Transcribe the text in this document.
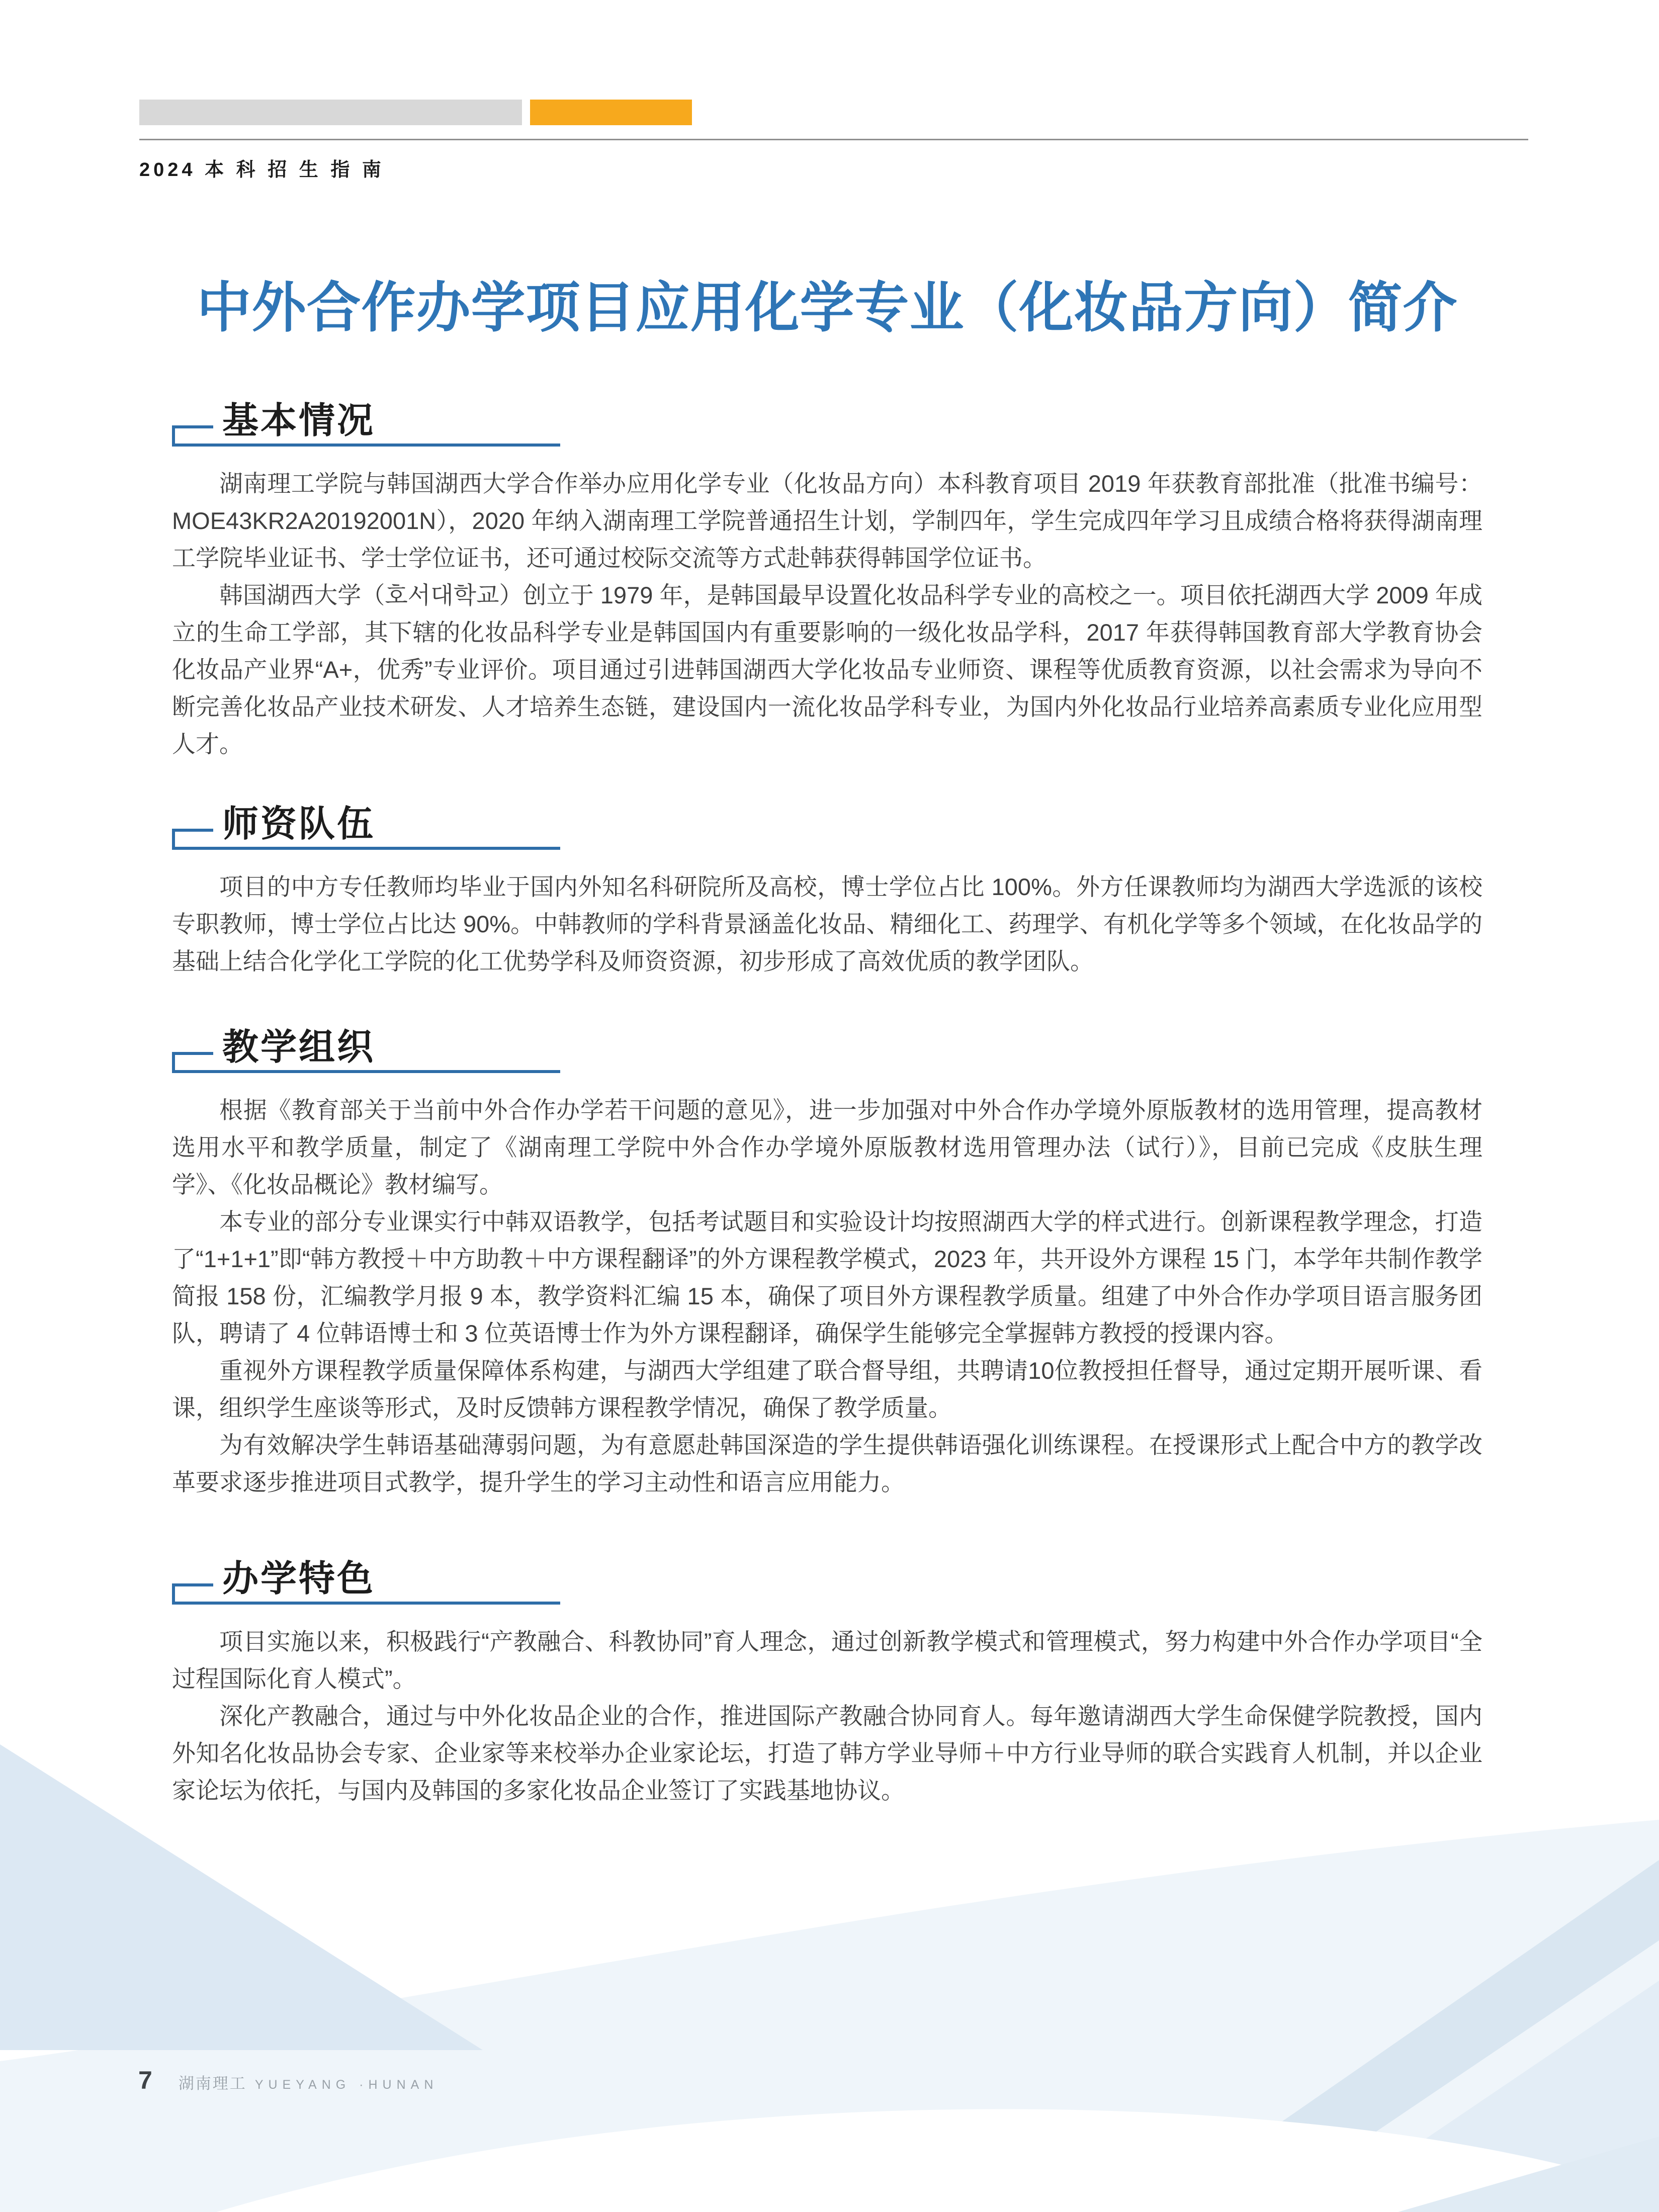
2024 本 科 招 生 指 南
中外合作办学项目应用化学专业（化妆品方向）简介
基本情况

湖南理工学院与韩国湖西大学合作举办应用化学专业（化妆品方向）本科教育项目 2019 年获教育部批准（批准书编号：MOE43KR2A20192001N），2020 年纳入湖南理工学院普通招生计划，学制四年，学生完成四年学习且成绩合格将获得湖南理工学院毕业证书、学士学位证书，还可通过校际交流等方式赴韩获得韩国学位证书。

韩国湖西大学（호서대학교）创立于 1979 年，是韩国最早设置化妆品科学专业的高校之一。项目依托湖西大学 2009 年成立的生命工学部，其下辖的化妆品科学专业是韩国国内有重要影响的一级化妆品学科，2017 年获得韩国教育部大学教育协会化妆品产业界“A+，优秀”专业评价。项目通过引进韩国湖西大学化妆品专业师资、课程等优质教育资源，以社会需求为导向不断完善化妆品产业技术研发、人才培养生态链，建设国内一流化妆品学科专业，为国内外化妆品行业培养高素质专业化应用型人才。

师资队伍

项目的中方专任教师均毕业于国内外知名科研院所及高校，博士学位占比 100%。外方任课教师均为湖西大学选派的该校专职教师，博士学位占比达 90%。中韩教师的学科背景涵盖化妆品、精细化工、药理学、有机化学等多个领域，在化妆品学的基础上结合化学化工学院的化工优势学科及师资资源，初步形成了高效优质的教学团队。

教学组织

根据《教育部关于当前中外合作办学若干问题的意见》，进一步加强对中外合作办学境外原版教材的选用管理，提高教材选用水平和教学质量，制定了《湖南理工学院中外合作办学境外原版教材选用管理办法（试行）》，目前已完成《皮肤生理学》、《化妆品概论》教材编写。

本专业的部分专业课实行中韩双语教学，包括考试题目和实验设计均按照湖西大学的样式进行。创新课程教学理念，打造了“1+1+1”即“韩方教授＋中方助教＋中方课程翻译”的外方课程教学模式，2023 年，共开设外方课程 15 门，本学年共制作教学简报 158 份，汇编教学月报 9 本，教学资料汇编 15 本，确保了项目外方课程教学质量。组建了中外合作办学项目语言服务团队，聘请了 4 位韩语博士和 3 位英语博士作为外方课程翻译，确保学生能够完全掌握韩方教授的授课内容。

重视外方课程教学质量保障体系构建，与湖西大学组建了联合督导组，共聘请10位教授担任督导，通过定期开展听课、看课，组织学生座谈等形式，及时反馈韩方课程教学情况，确保了教学质量。

为有效解决学生韩语基础薄弱问题，为有意愿赴韩国深造的学生提供韩语强化训练课程。在授课形式上配合中方的教学改革要求逐步推进项目式教学，提升学生的学习主动性和语言应用能力。

办学特色

项目实施以来，积极践行“产教融合、科教协同”育人理念，通过创新教学模式和管理模式，努力构建中外合作办学项目“全过程国际化育人模式”。

深化产教融合，通过与中外化妆品企业的合作，推进国际产教融合协同育人。每年邀请湖西大学生命保健学院教授，国内外知名化妆品协会专家、企业家等来校举办企业家论坛，打造了韩方学业导师＋中方行业导师的联合实践育人机制，并以企业家论坛为依托，与国内及韩国的多家化妆品企业签订了实践基地协议。

7 湖南理工 YUEYANG ·HUNAN
